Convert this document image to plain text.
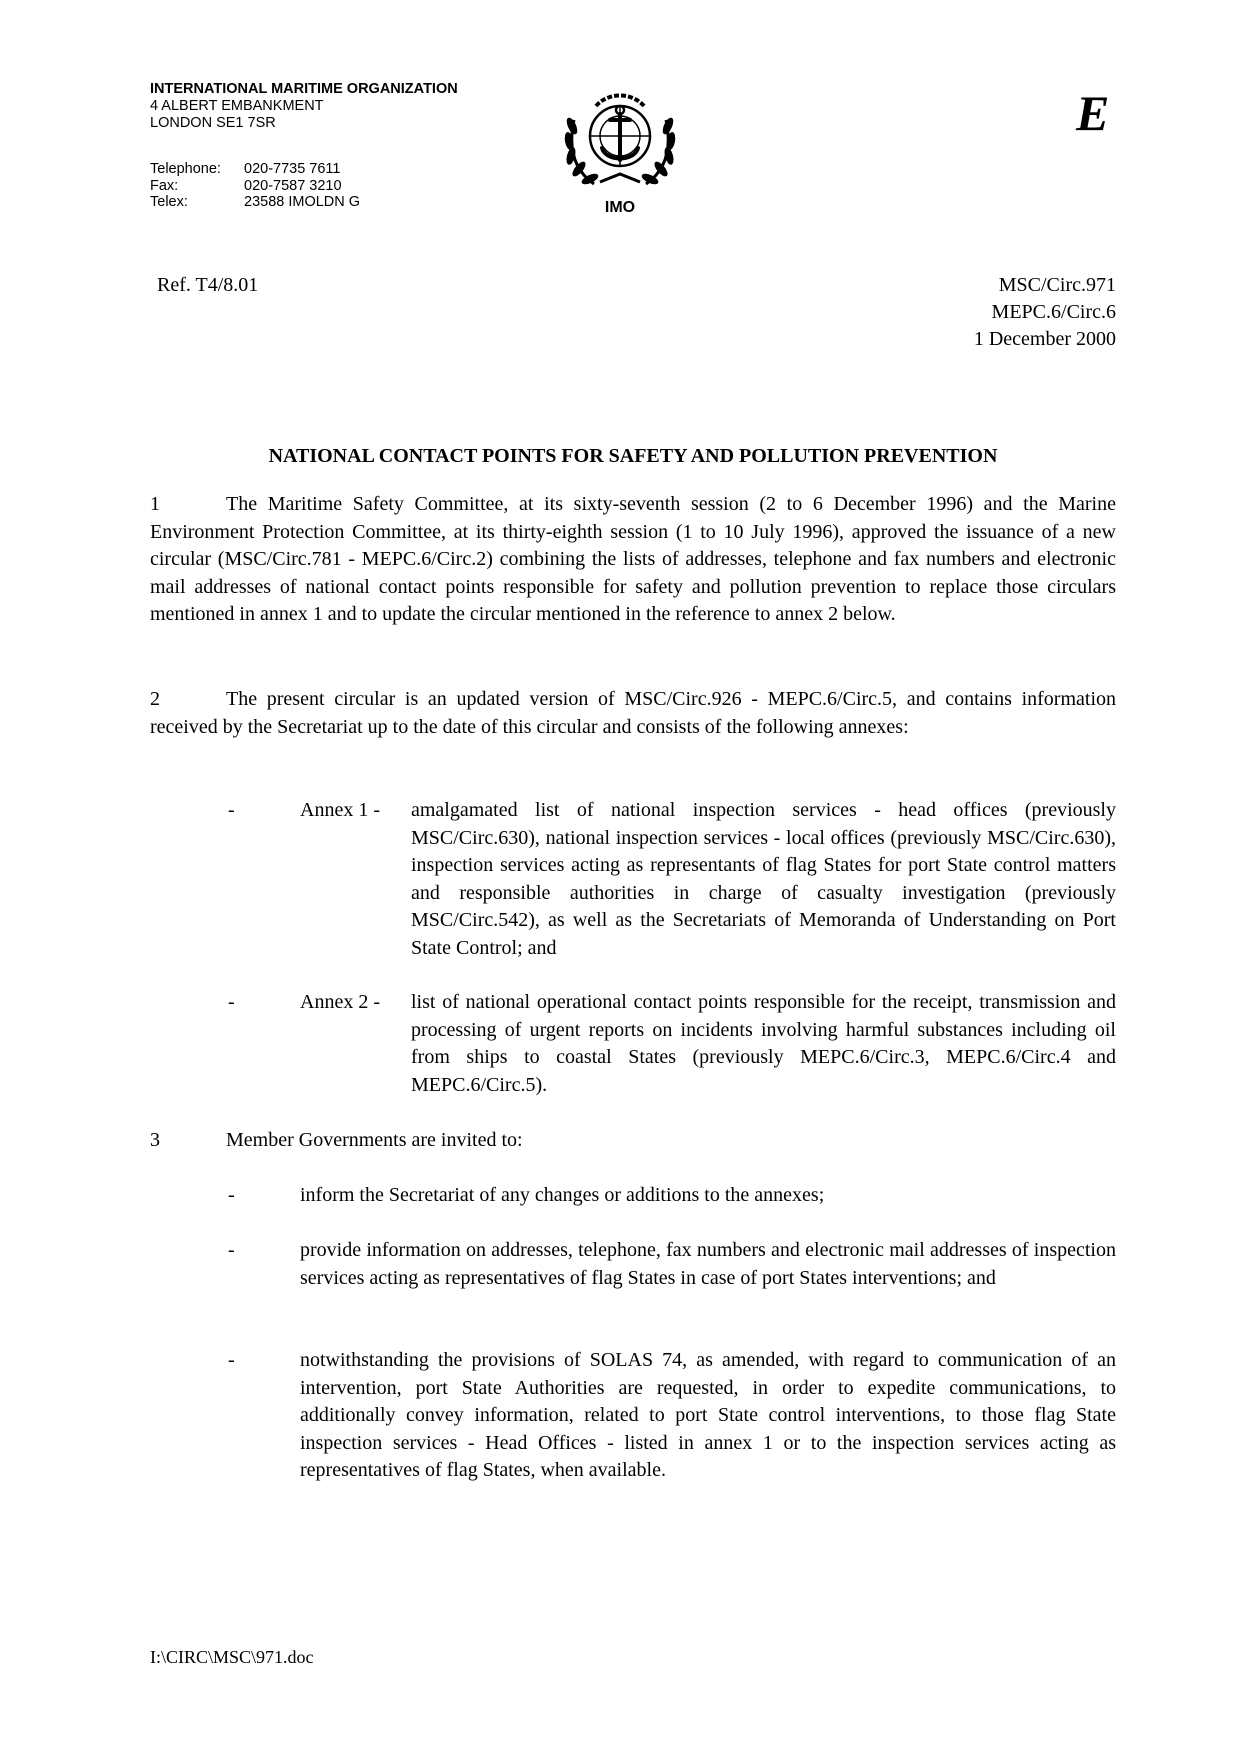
INTERNATIONAL MARITIME ORGANIZATION
4 ALBERT EMBANKMENT
LONDON SE1 7SR
Telephone:	020-7735 7611
Fax:	020-7587 3210
Telex:	23588 IMOLDN G	IMO
E
Ref. T4/8.01	MSC/Circ.971
MEPC.6/Circ.6
1 December 2000
NATIONAL CONTACT POINTS FOR SAFETY AND POLLUTION PREVENTION
1	The Maritime Safety Committee, at its sixty-seventh session (2 to 6 December 1996) and the Marine Environment Protection Committee, at its thirty-eighth session (1 to 10 July 1996), approved the issuance of a new circular (MSC/Circ.781 - MEPC.6/Circ.2) combining the lists of addresses, telephone and fax numbers and electronic mail addresses of national contact points responsible for safety and pollution prevention to replace those circulars mentioned in annex 1 and to update the circular mentioned in the reference to annex 2 below.
2	The present circular is an updated version of MSC/Circ.926 - MEPC.6/Circ.5, and contains information received by the Secretariat up to the date of this circular and consists of the following annexes:
-	Annex 1 - amalgamated list of national inspection services - head offices (previously MSC/Circ.630), national inspection services - local offices (previously MSC/Circ.630), inspection services acting as representants of flag States for port State control matters and responsible authorities in charge of casualty investigation (previously MSC/Circ.542), as well as the Secretariats of Memoranda of Understanding on Port State Control; and
-	Annex 2 - list of national operational contact points responsible for the receipt, transmission and processing of urgent reports on incidents involving harmful substances including oil from ships to coastal States (previously MEPC.6/Circ.3, MEPC.6/Circ.4 and MEPC.6/Circ.5).
3	Member Governments are invited to:
-	inform the Secretariat of any changes or additions to the annexes;
-	provide information on addresses, telephone, fax numbers and electronic mail addresses of inspection services acting as representatives of flag States in case of port States interventions; and
-	notwithstanding the provisions of SOLAS 74, as amended, with regard to communication of an intervention, port State Authorities are requested, in order to expedite communications, to additionally convey information, related to port State control interventions, to those flag State inspection services - Head Offices - listed in annex 1 or to the inspection services acting as representatives of flag States, when available.
I:\CIRC\MSC\971.doc
